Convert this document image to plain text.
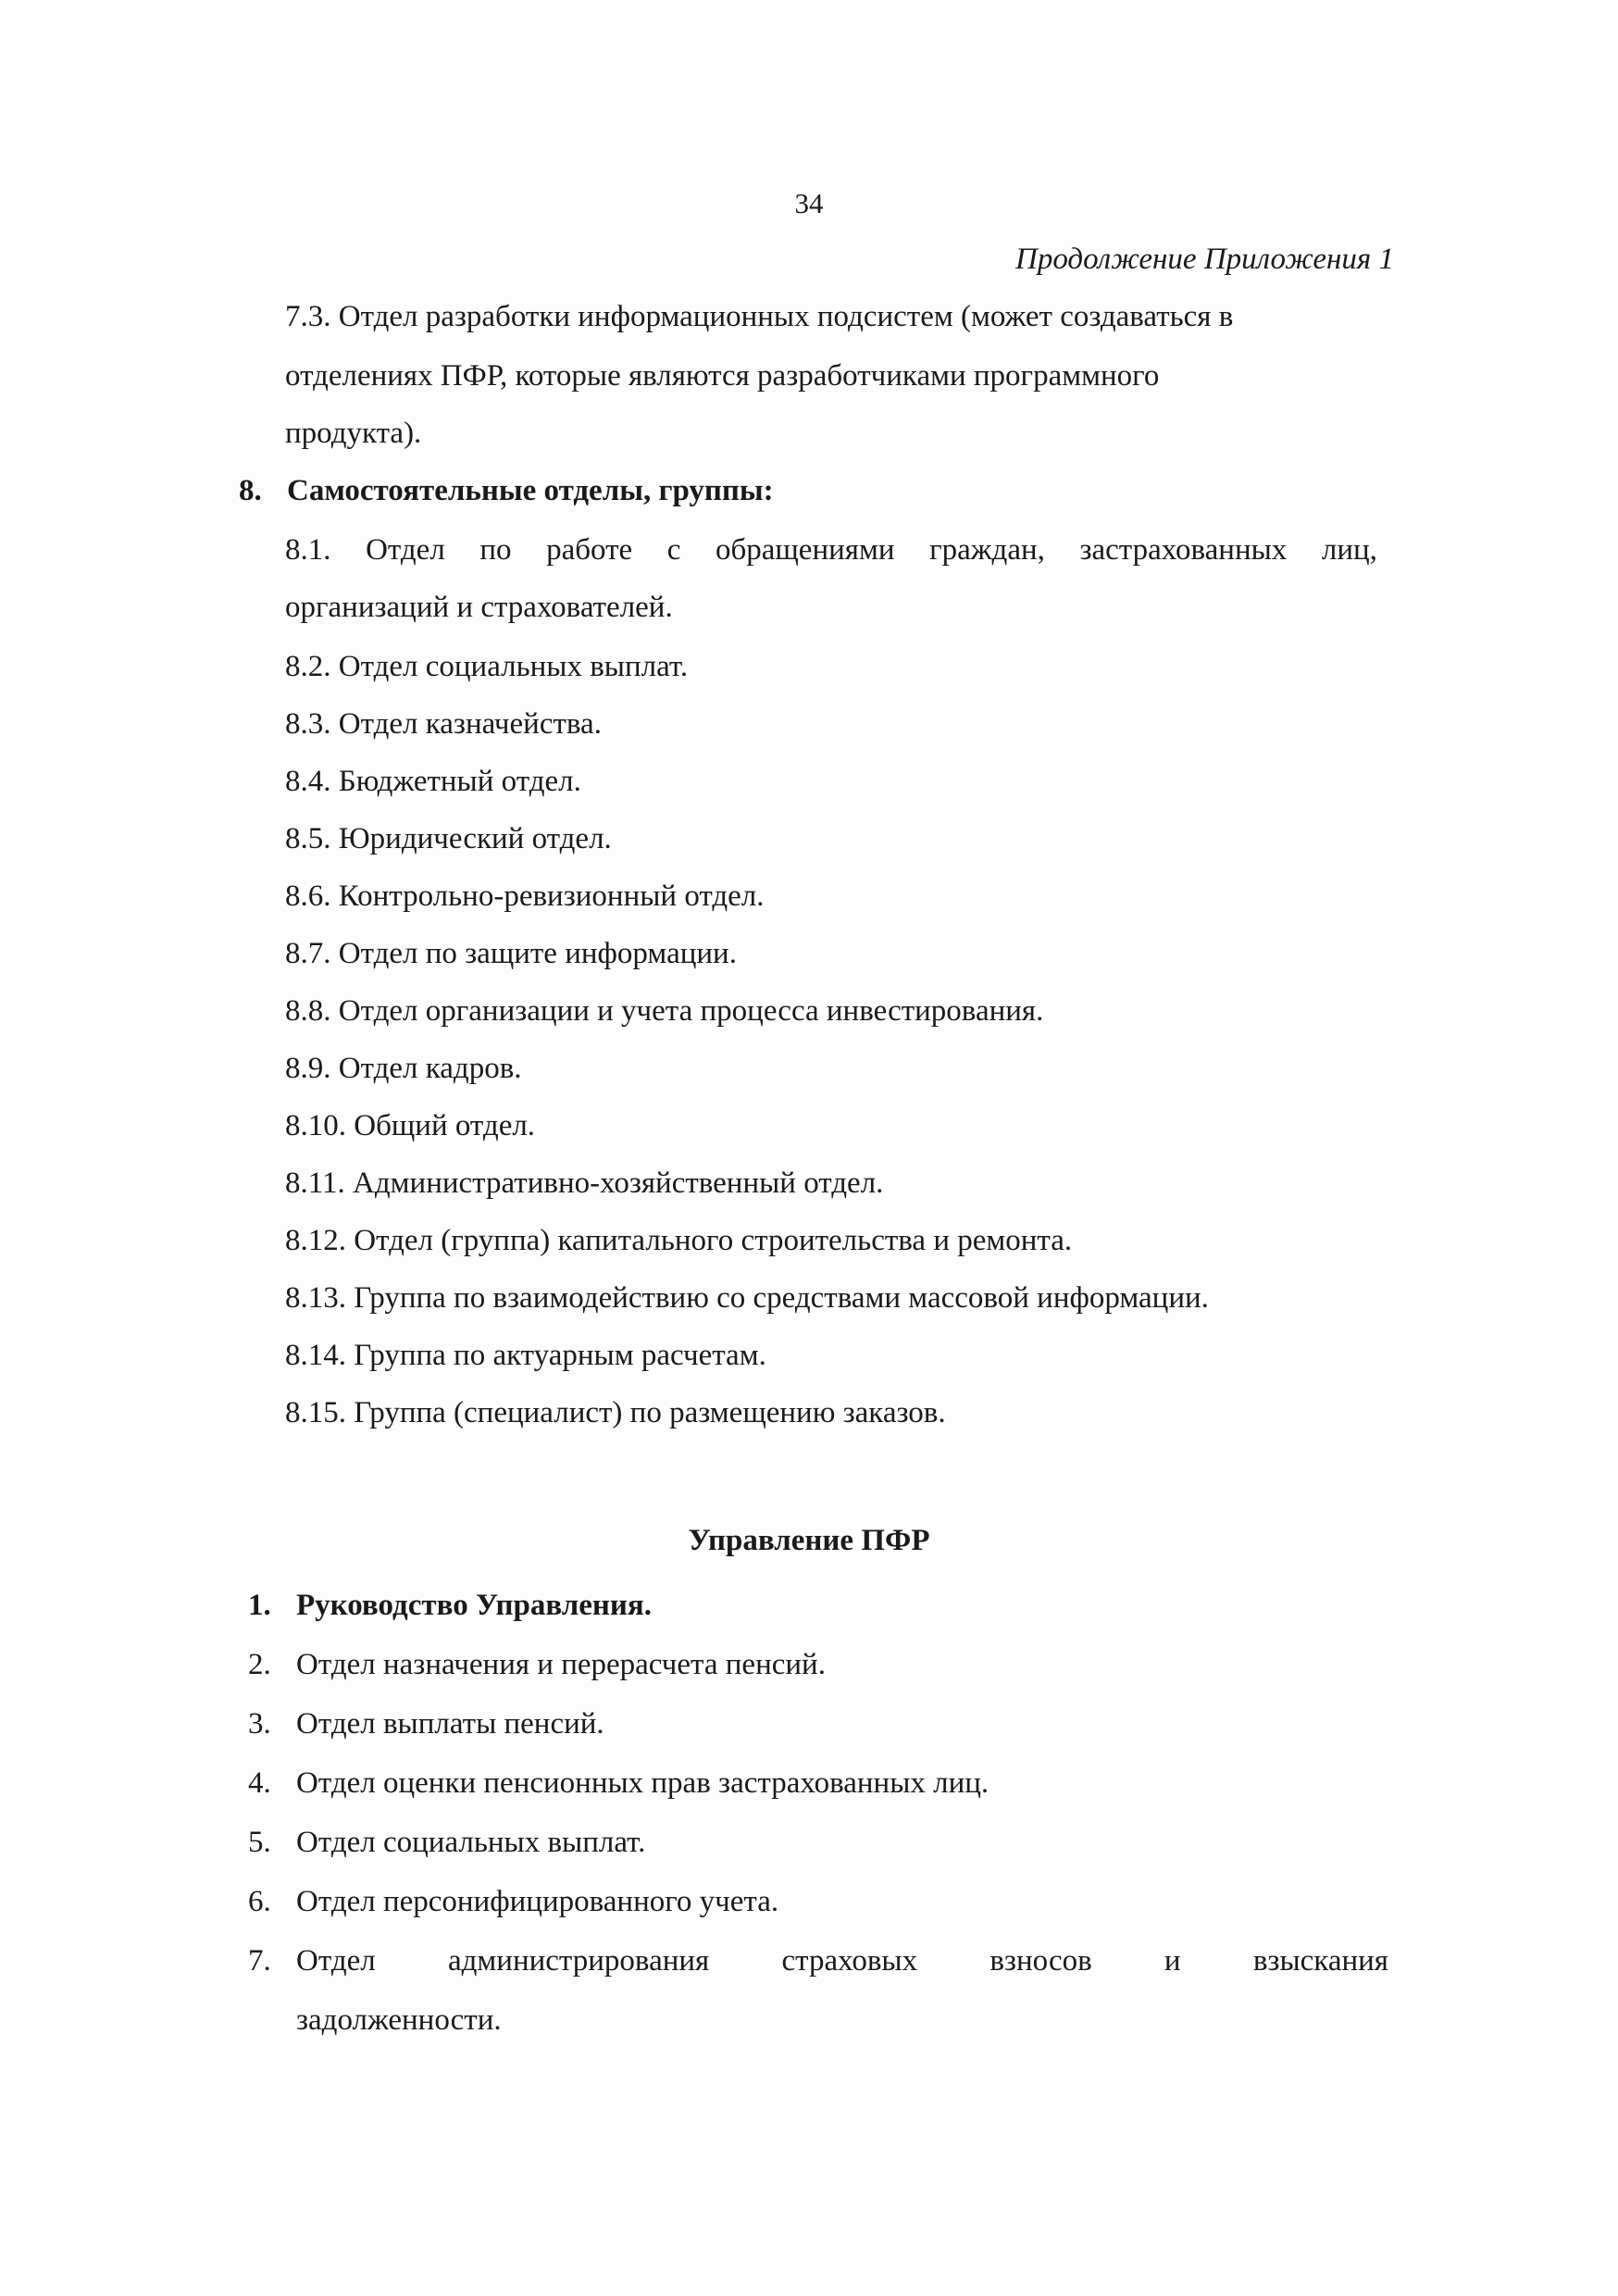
34
Продолжение Приложения 1
7.3. Отдел разработки информационных подсистем (может создаваться в
отделениях ПФР, которые являются разработчиками программного
продукта).
8. Самостоятельные отделы, группы:
8.1. Отдел по работе с обращениями граждан, застрахованных лиц,
организаций и страхователей.
8.2. Отдел социальных выплат.
8.3. Отдел казначейства.
8.4. Бюджетный отдел.
8.5. Юридический отдел.
8.6. Контрольно-ревизионный отдел.
8.7. Отдел по защите информации.
8.8. Отдел организации и учета процесса инвестирования.
8.9. Отдел кадров.
8.10. Общий отдел.
8.11. Административно-хозяйственный отдел.
8.12. Отдел (группа) капитального строительства и ремонта.
8.13. Группа по взаимодействию со средствами массовой информации.
8.14. Группа по актуарным расчетам.
8.15. Группа (специалист) по размещению заказов.
Управление ПФР
1. Руководство Управления.
2. Отдел назначения и перерасчета пенсий.
3. Отдел выплаты пенсий.
4. Отдел оценки пенсионных прав застрахованных лиц.
5. Отдел социальных выплат.
6. Отдел персонифицированного учета.
7. Отдел администрирования страховых взносов и взыскания
задолженности.
